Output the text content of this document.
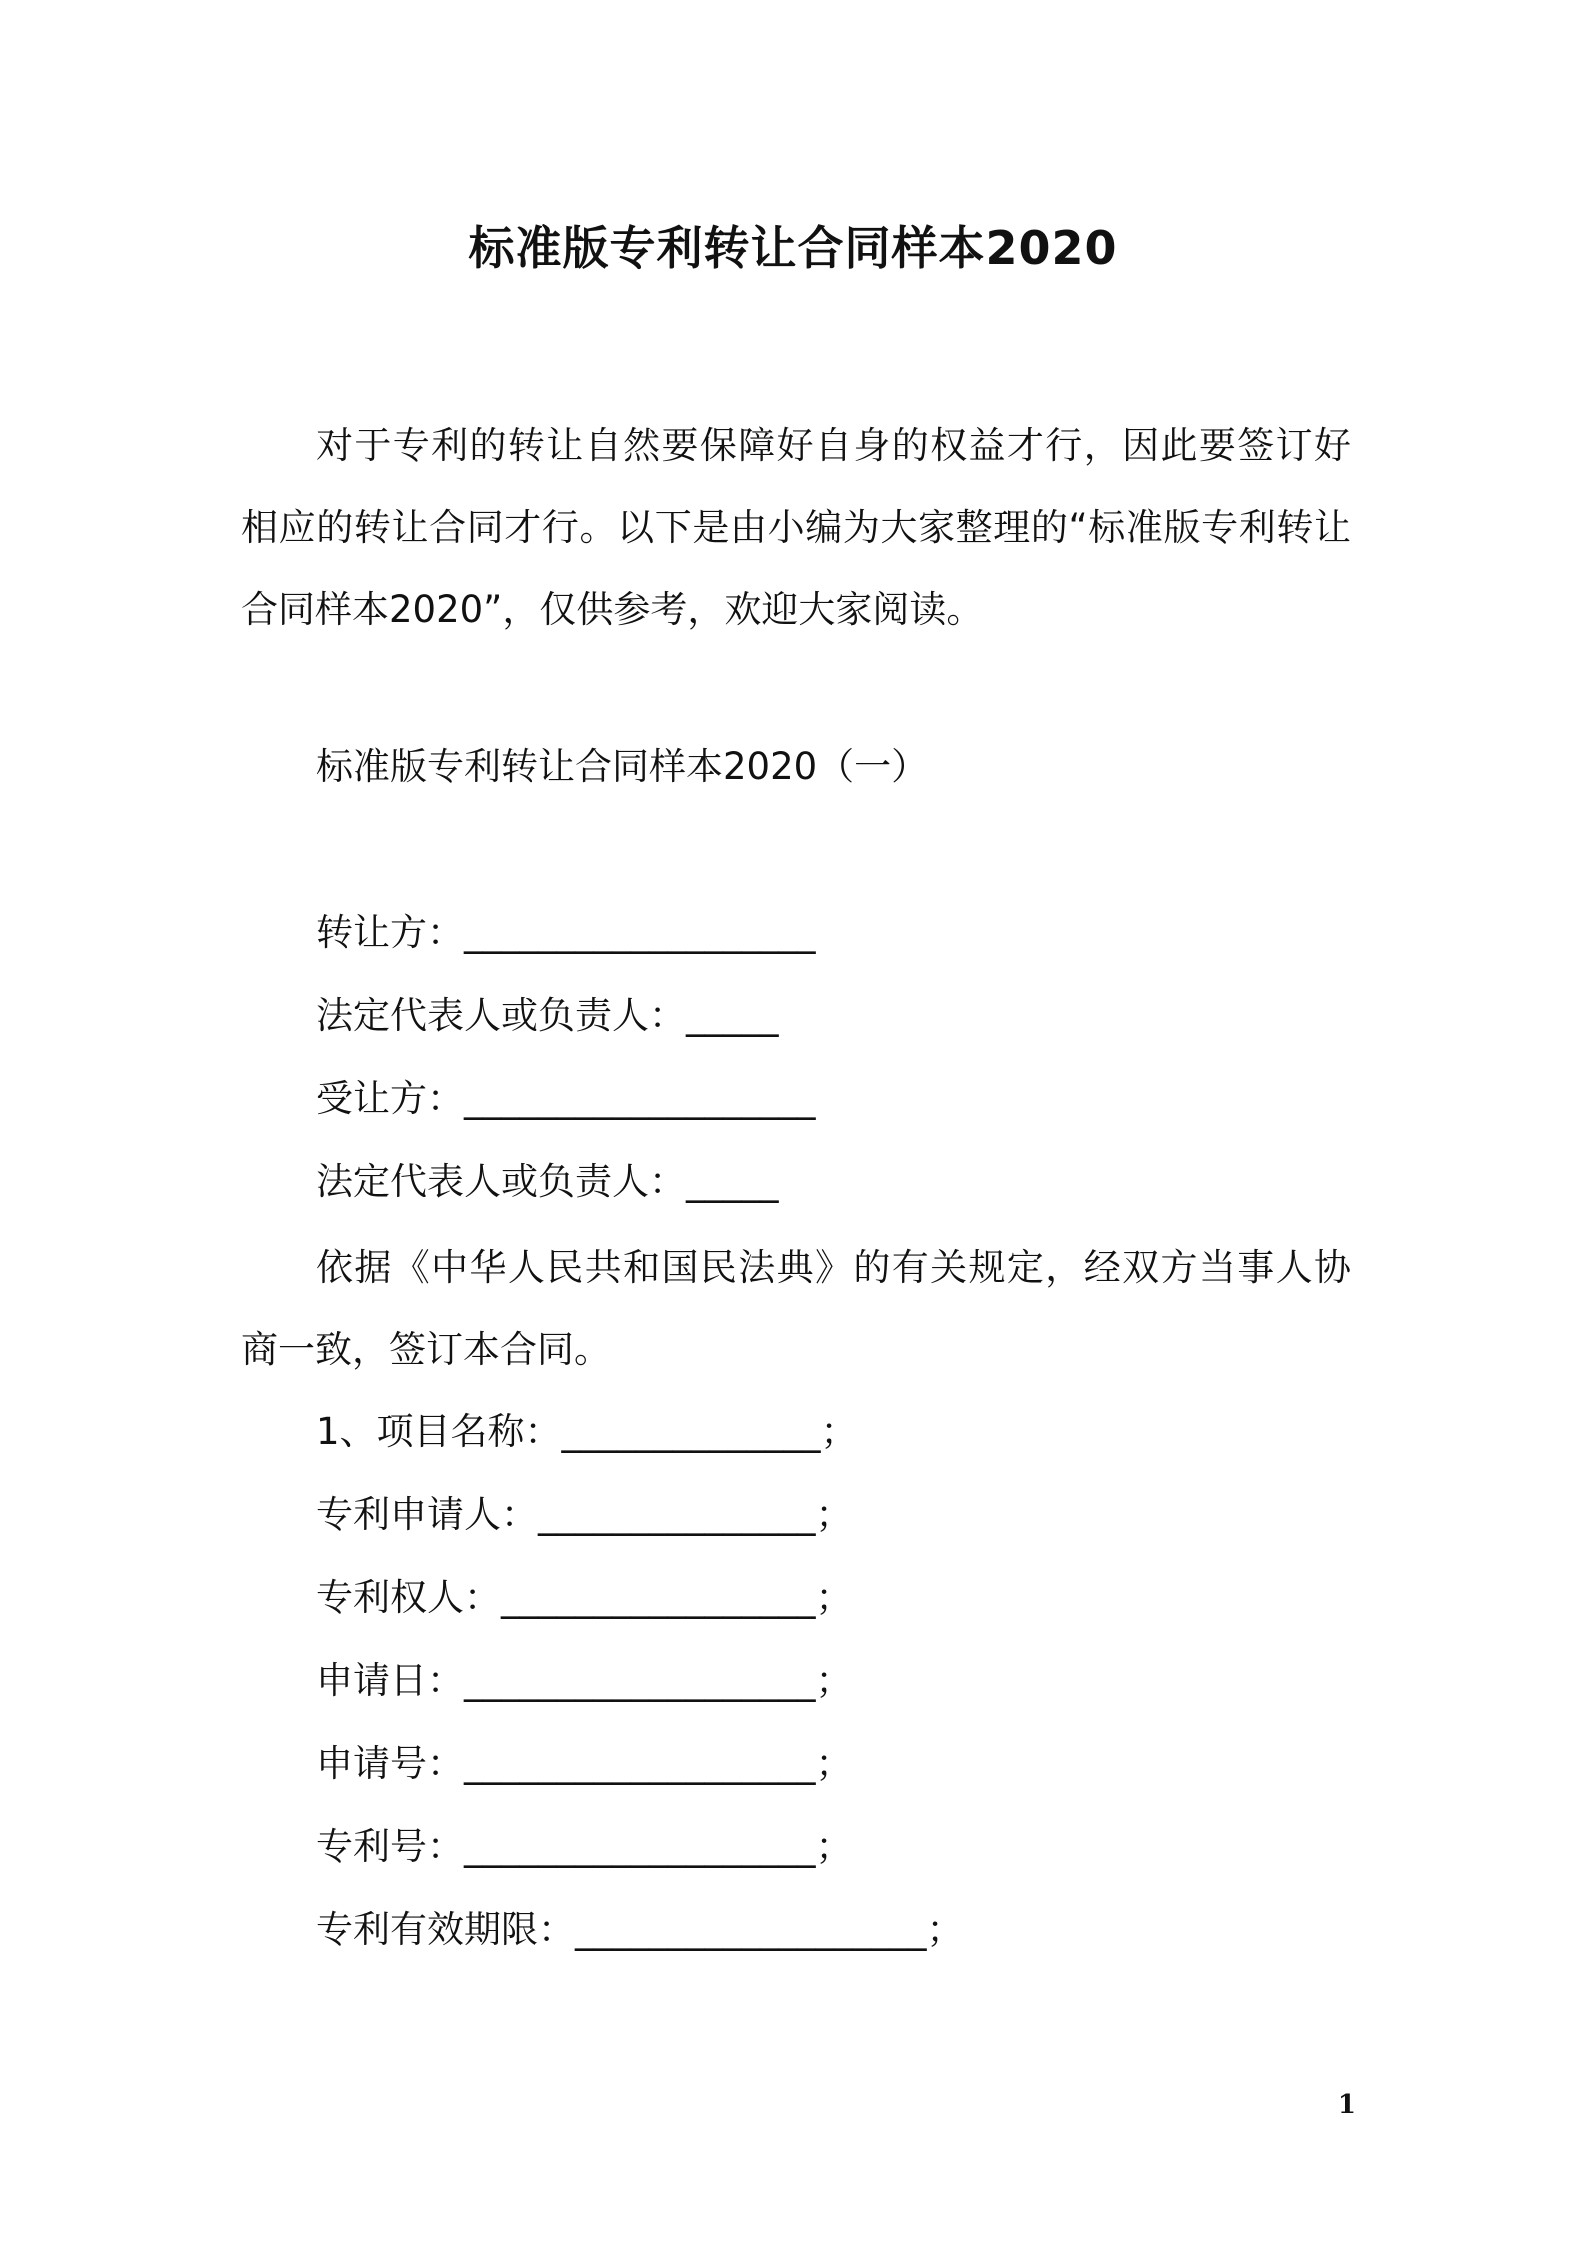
标准版专利转让合同样本2020
对于专利的转让自然要保障好自身的权益才行，因此要签订好相应的转让合同才行。以下是由小编为大家整理的“标准版专利转让合同样本2020”，仅供参考，欢迎大家阅读。
标准版专利转让合同样本2020（一）
转让方：___________________
法定代表人或负责人：_____
受让方：___________________
法定代表人或负责人：_____
依据《中华人民共和国民法典》的有关规定，经双方当事人协商一致，签订本合同。
1、项目名称：______________；
专利申请人：_______________；
专利权人：_________________；
申请日：___________________；
申请号：___________________；
专利号：___________________；
专利有效期限：___________________；
1
